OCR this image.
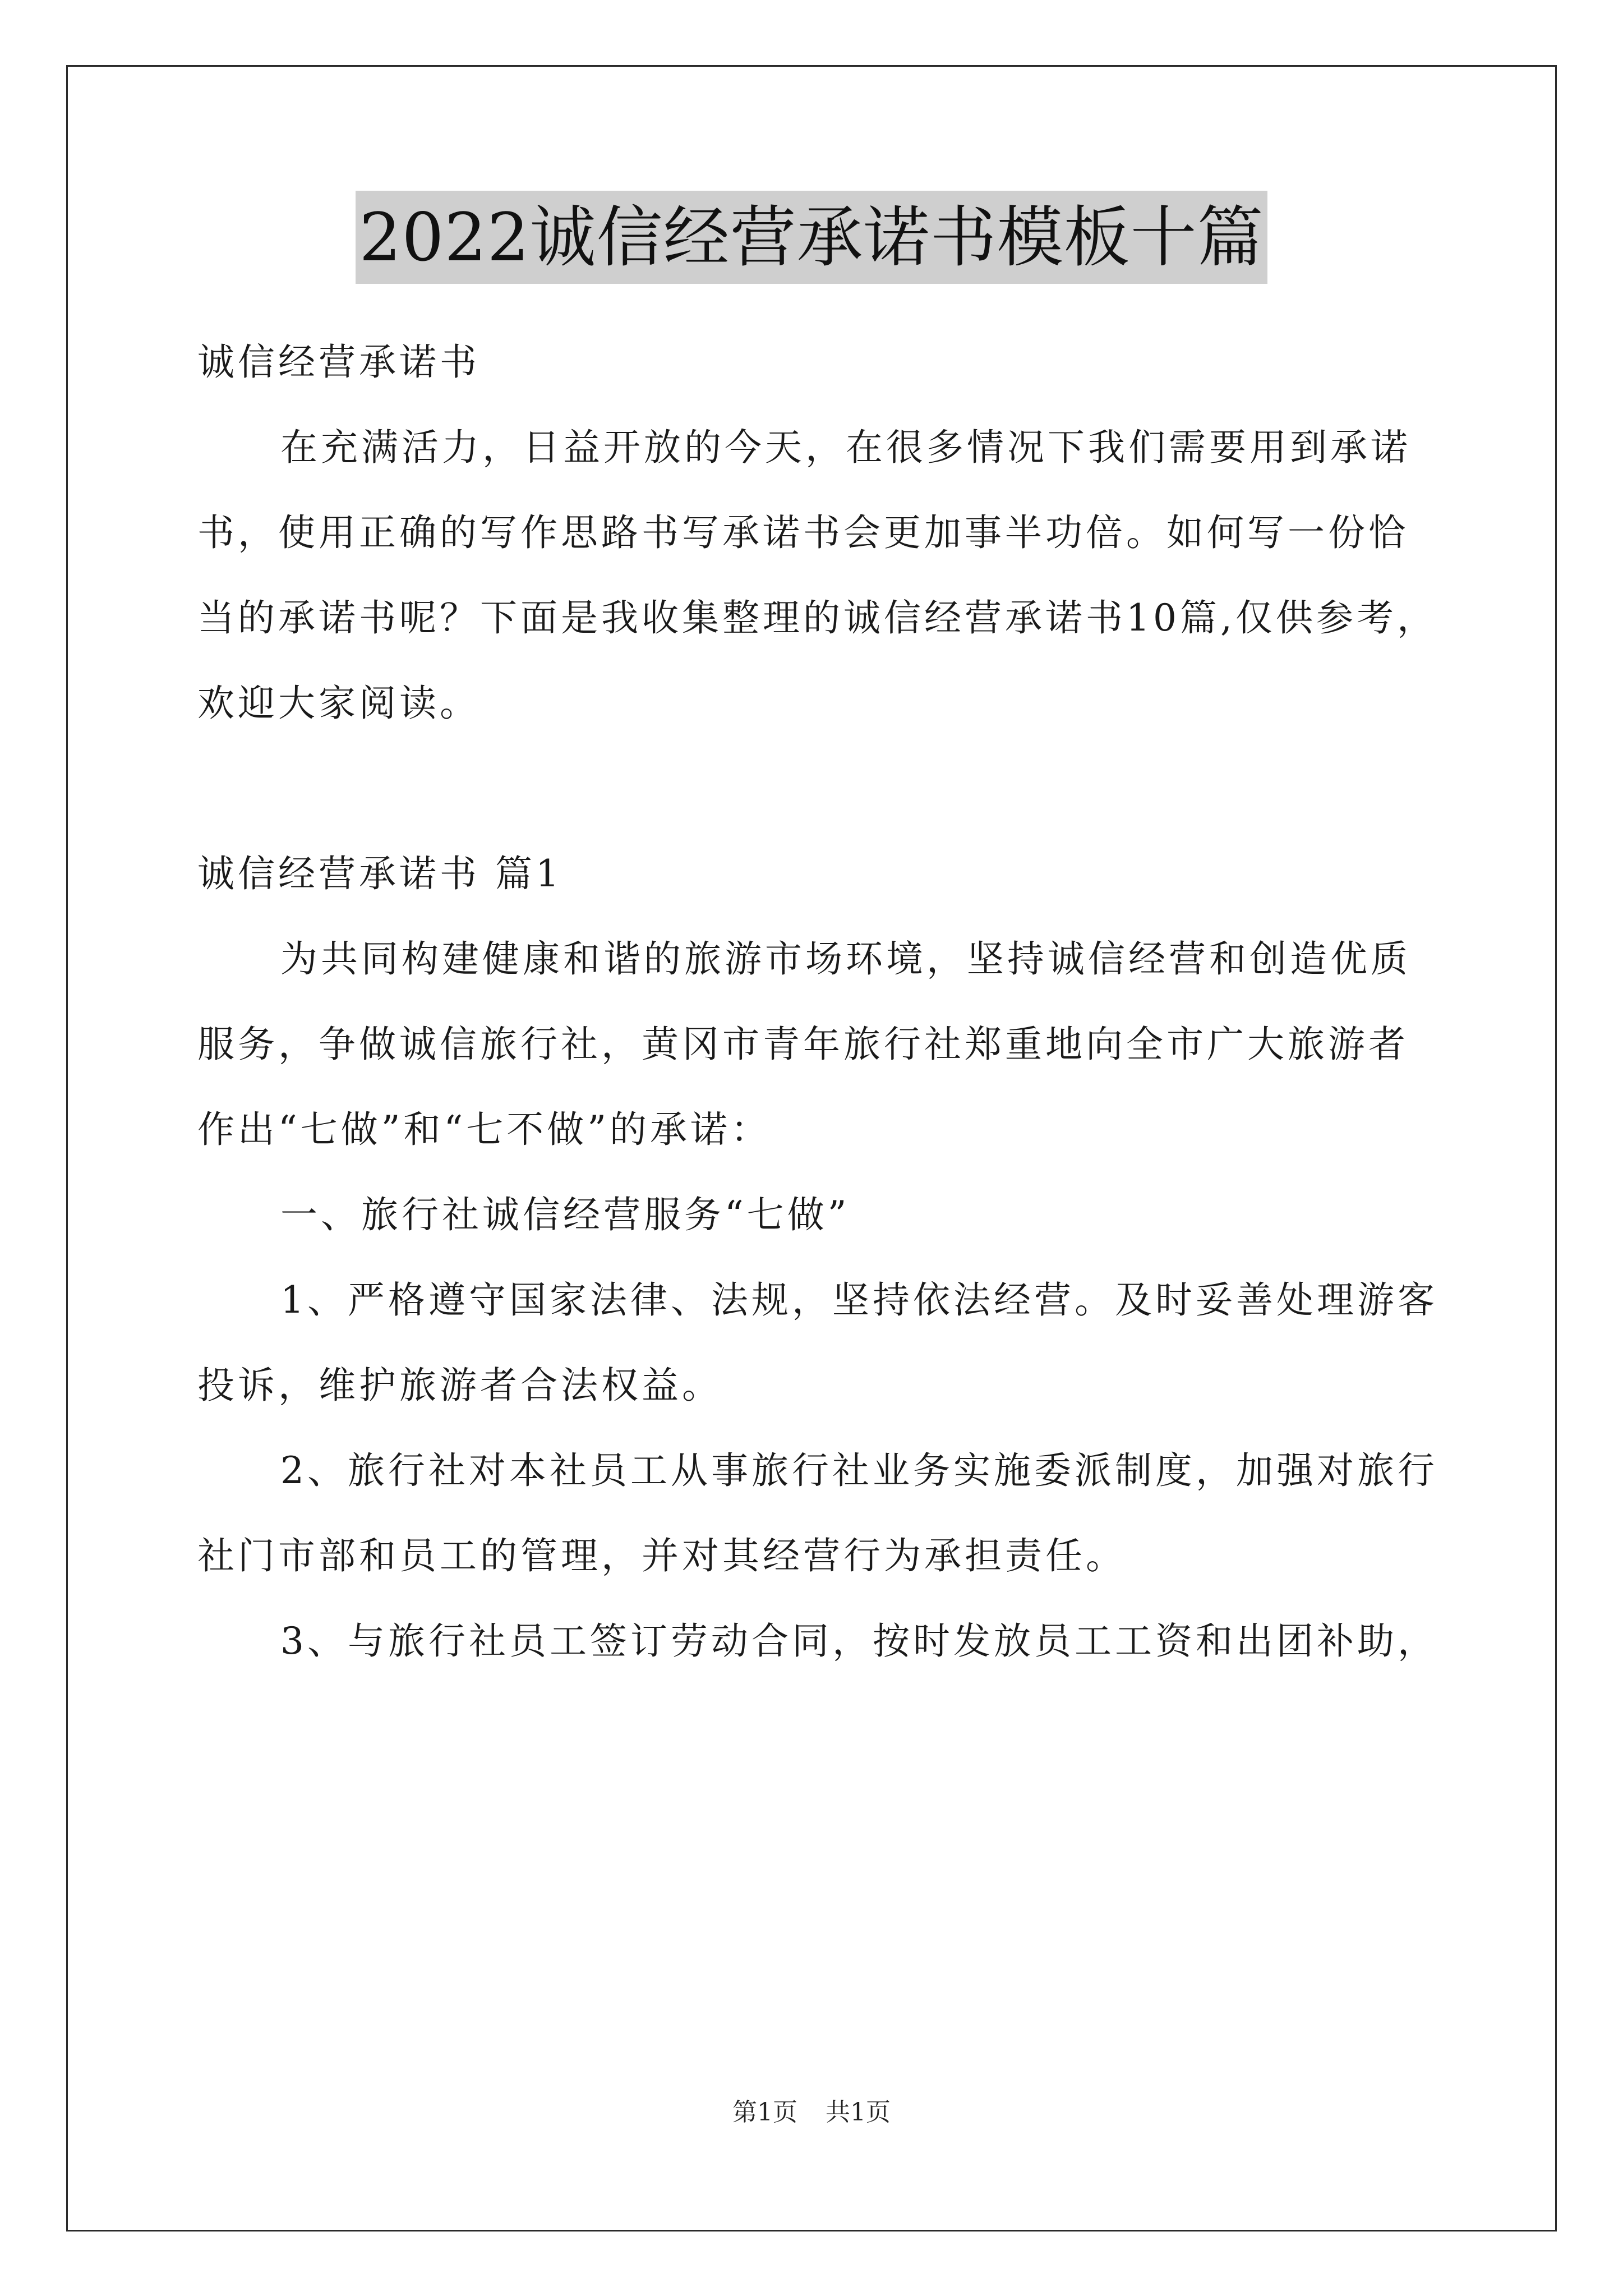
2022诚信经营承诺书模板十篇
诚信经营承诺书
在充满活力，日益开放的今天，在很多情况下我们需要用到承诺
书，使用正确的写作思路书写承诺书会更加事半功倍。如何写一份恰
当的承诺书呢？下面是我收集整理的诚信经营承诺书10篇,仅供参考，
欢迎大家阅读。
诚信经营承诺书 篇1
为共同构建健康和谐的旅游市场环境，坚持诚信经营和创造优质
服务，争做诚信旅行社，黄冈市青年旅行社郑重地向全市广大旅游者
作出“七做”和“七不做”的承诺：
一、旅行社诚信经营服务“七做”
1、严格遵守国家法律、法规，坚持依法经营。及时妥善处理游客
投诉，维护旅游者合法权益。
2、旅行社对本社员工从事旅行社业务实施委派制度，加强对旅行
社门市部和员工的管理，并对其经营行为承担责任。
3、与旅行社员工签订劳动合同，按时发放员工工资和出团补助，
第1页 共1页
